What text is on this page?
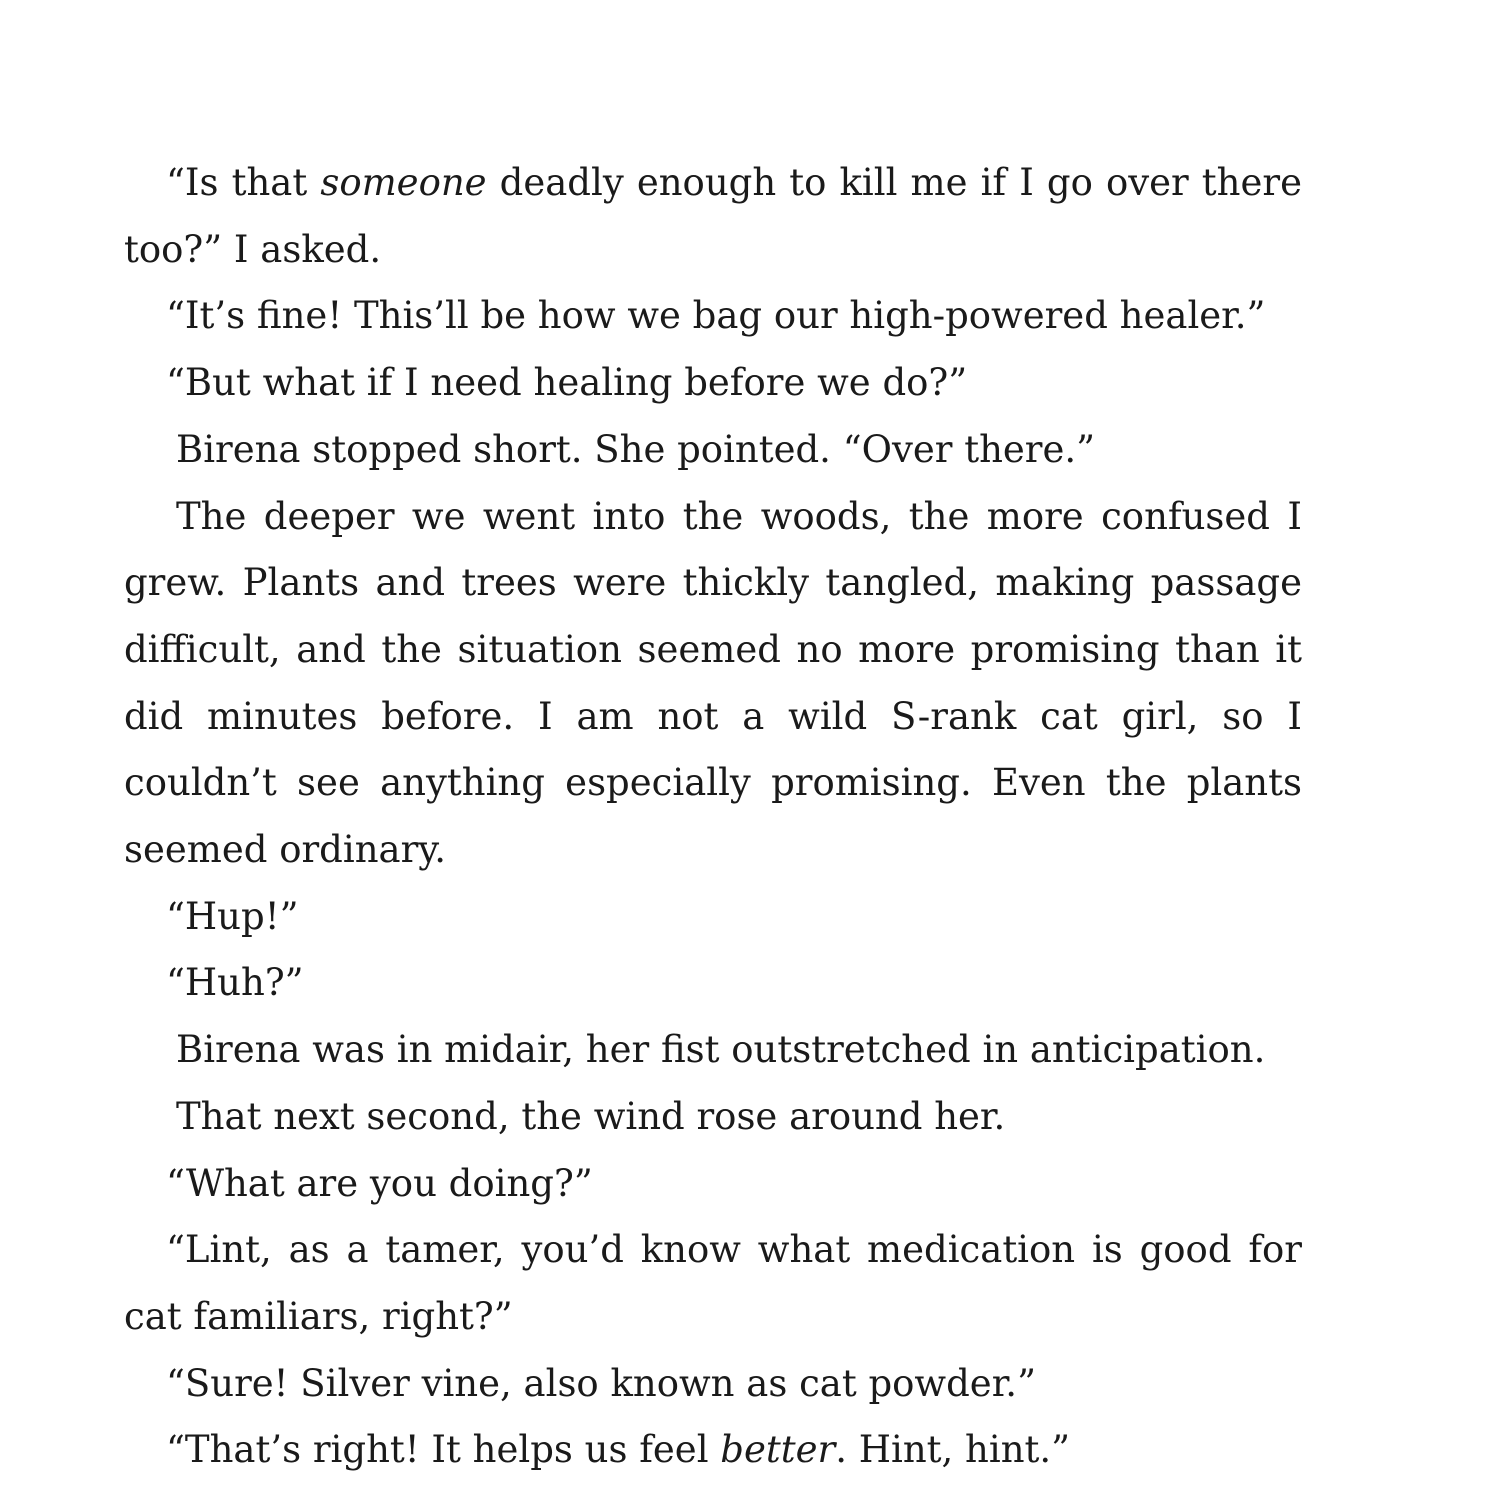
“Is that someone deadly enough to kill me if I go over there too?” I asked.

“It’s fine! This’ll be how we bag our high-powered healer.”

“But what if I need healing before we do?”

Birena stopped short. She pointed. “Over there.”

The deeper we went into the woods, the more confused I grew. Plants and trees were thickly tangled, making passage difficult, and the situation seemed no more promising than it did minutes before. I am not a wild S-rank cat girl, so I couldn’t see anything especially promising. Even the plants seemed ordinary.

“Hup!”

“Huh?”

Birena was in midair, her fist outstretched in anticipation.

That next second, the wind rose around her.

“What are you doing?”

“Lint, as a tamer, you’d know what medication is good for cat familiars, right?”

“Sure! Silver vine, also known as cat powder.”

“That’s right! It helps us feel better. Hint, hint.”
